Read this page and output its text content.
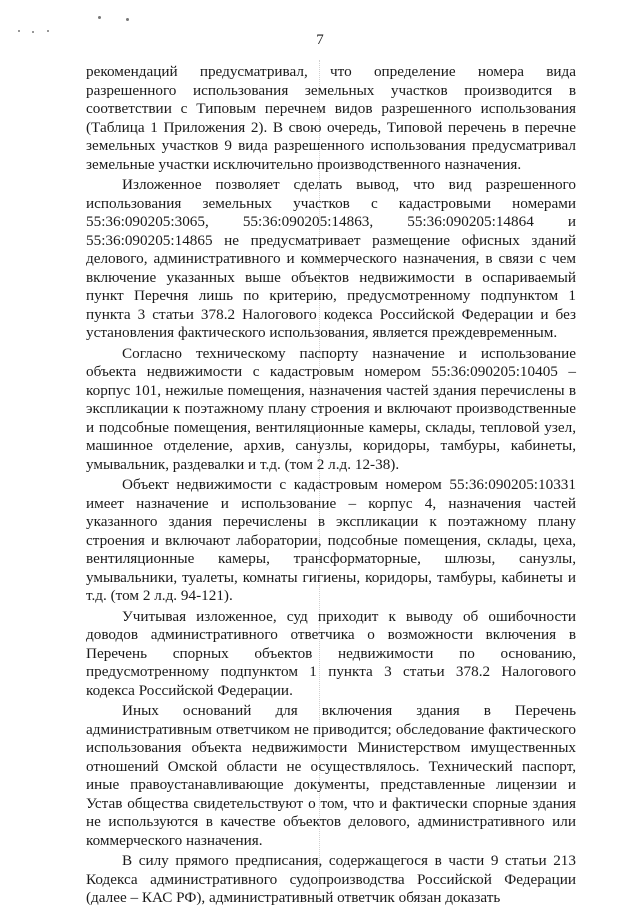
7

рекомендаций предусматривал, что определение номера вида разрешенного использования земельных участков производится в соответствии с Типовым перечнем видов разрешенного использования (Таблица 1 Приложения 2). В свою очередь, Типовой перечень в перечне земельных участков 9 вида разрешенного использования предусматривал земельные участки исключительно производственного назначения.

Изложенное позволяет сделать вывод, что вид разрешенного использования земельных участков с кадастровыми номерами 55:36:090205:3065, 55:36:090205:14863, 55:36:090205:14864 и 55:36:090205:14865 не предусматривает размещение офисных зданий делового, административного и коммерческого назначения, в связи с чем включение указанных выше объектов недвижимости в оспариваемый пункт Перечня лишь по критерию, предусмотренному подпунктом 1 пункта 3 статьи 378.2 Налогового кодекса Российской Федерации и без установления фактического использования, является преждевременным.

Согласно техническому паспорту назначение и использование объекта недвижимости с кадастровым номером 55:36:090205:10405 – корпус 101, нежилые помещения, назначения частей здания перечислены в экспликации к поэтажному плану строения и включают производственные и подсобные помещения, вентиляционные камеры, склады, тепловой узел, машинное отделение, архив, санузлы, коридоры, тамбуры, кабинеты, умывальник, раздевалки и т.д. (том 2 л.д. 12-38).

Объект недвижимости с кадастровым номером 55:36:090205:10331 имеет назначение и использование – корпус 4, назначения частей указанного здания перечислены в экспликации к поэтажному плану строения и включают лаборатории, подсобные помещения, склады, цеха, вентиляционные камеры, трансформаторные, шлюзы, санузлы, умывальники, туалеты, комнаты гигиены, коридоры, тамбуры, кабинеты и т.д. (том 2 л.д. 94-121).

Учитывая изложенное, суд приходит к выводу об ошибочности доводов административного ответчика о возможности включения в Перечень спорных объектов недвижимости по основанию, предусмотренному подпунктом 1 пункта 3 статьи 378.2 Налогового кодекса Российской Федерации.

Иных оснований для включения здания в Перечень административным ответчиком не приводится; обследование фактического использования объекта недвижимости Министерством имущественных отношений Омской области не осуществлялось. Технический паспорт, иные правоустанавливающие документы, представленные лицензии и Устав общества свидетельствуют о том, что и фактически спорные здания не используются в качестве объектов делового, административного или коммерческого назначения.

В силу прямого предписания, содержащегося в части 9 статьи 213 Кодекса административного судопроизводства Российской Федерации (далее – КАС РФ), административный ответчик обязан доказать
